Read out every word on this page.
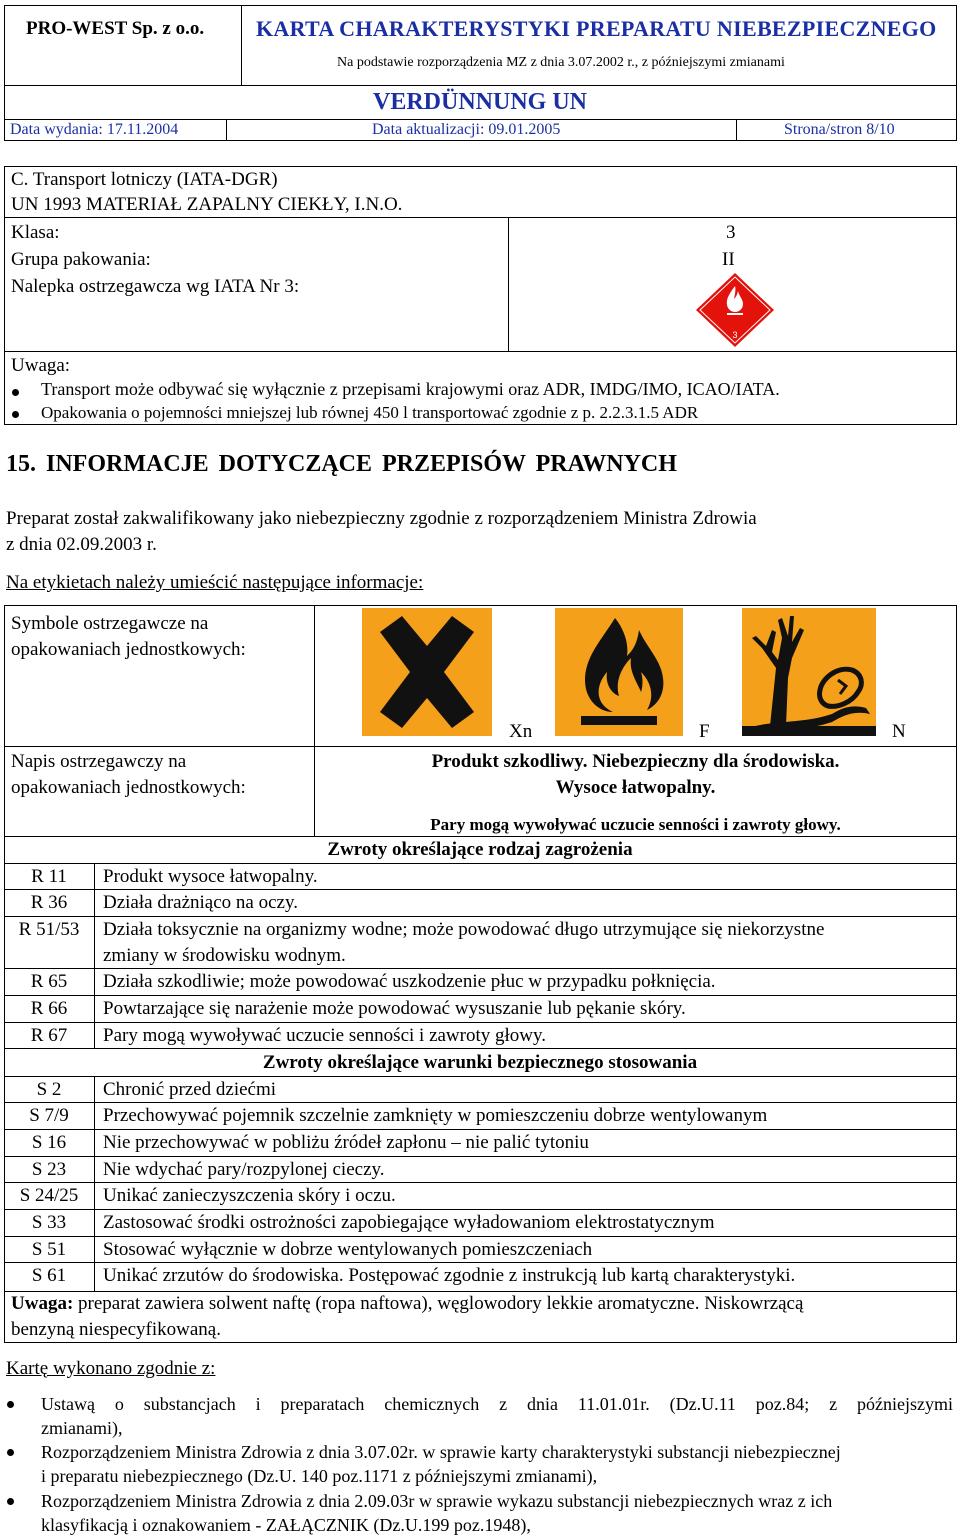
PRO-WEST Sp. z o.o. KARTA CHARAKTERYSTYKI PREPARATU NIEBEZPIECZNEGO
Na podstawie rozporządzenia MZ z dnia 3.07.2002 r., z późniejszymi zmianami
VERDÜNNUNG UN
Data wydania: 17.11.2004	Data aktualizacji: 09.01.2005	Strona/stron 8/10
C. Transport lotniczy (IATA-DGR)
UN 1993 MATERIAŁ ZAPALNY CIEKŁY, I.N.O.
Klasa:	3
Grupa pakowania:	II
Nalepka ostrzegawcza wg IATA Nr 3:
3
Uwaga:
Transport może odbywać się wyłącznie z przepisami krajowymi oraz ADR, IMDG/IMO, ICAO/IATA.
Opakowania o pojemności mniejszej lub równej 450 l transportować zgodnie z p. 2.2.3.1.5 ADR
15. INFORMACJE DOTYCZĄCE PRZEPISÓW PRAWNYCH
Preparat został zakwalifikowany jako niebezpieczny zgodnie z rozporządzeniem Ministra Zdrowia
z dnia 02.09.2003 r.
Na etykietach należy umieścić następujące informacje:
Symbole ostrzegawcze na
opakowaniach jednostkowych:
Xn	F	N
Napis ostrzegawczy na
opakowaniach jednostkowych:
Produkt szkodliwy. Niebezpieczny dla środowiska.
Wysoce łatwopalny.
Pary mogą wywoływać uczucie senności i zawroty głowy.
Zwroty określające rodzaj zagrożenia
R 11	Produkt wysoce łatwopalny.
R 36	Działa drażniąco na oczy.
R 51/53	Działa toksycznie na organizmy wodne; może powodować długo utrzymujące się niekorzystne
zmiany w środowisku wodnym.
R 65	Działa szkodliwie; może powodować uszkodzenie płuc w przypadku połknięcia.
R 66	Powtarzające się narażenie może powodować wysuszanie lub pękanie skóry.
R 67	Pary mogą wywoływać uczucie senności i zawroty głowy.
Zwroty określające warunki bezpiecznego stosowania
S 2	Chronić przed dziećmi
S 7/9	Przechowywać pojemnik szczelnie zamknięty w pomieszczeniu dobrze wentylowanym
S 16	Nie przechowywać w pobliżu źródeł zapłonu – nie palić tytoniu
S 23	Nie wdychać pary/rozpylonej cieczy.
S 24/25	Unikać zanieczyszczenia skóry i oczu.
S 33	Zastosować środki ostrożności zapobiegające wyładowaniom elektrostatycznym
S 51	Stosować wyłącznie w dobrze wentylowanych pomieszczeniach
S 61	Unikać zrzutów do środowiska. Postępować zgodnie z instrukcją lub kartą charakterystyki.
Uwaga: preparat zawiera solwent naftę (ropa naftowa), węglowodory lekkie aromatyczne. Niskowrzącą
benzyną niespecyfikowaną.
Kartę wykonano zgodnie z:
Ustawą o substancjach i preparatach chemicznych z dnia 11.01.01r. (Dz.U.11 poz.84; z późniejszymi
zmianami),
Rozporządzeniem Ministra Zdrowia z dnia 3.07.02r. w sprawie karty charakterystyki substancji niebezpiecznej
i preparatu niebezpiecznego (Dz.U. 140 poz.1171 z późniejszymi zmianami),
Rozporządzeniem Ministra Zdrowia z dnia 2.09.03r w sprawie wykazu substancji niebezpiecznych wraz z ich
klasyfikacją i oznakowaniem - ZAŁĄCZNIK (Dz.U.199 poz.1948),
